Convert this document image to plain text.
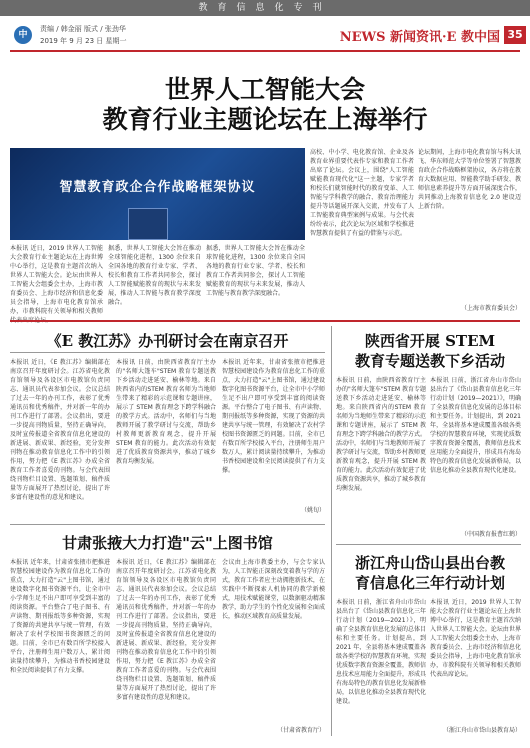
教育信息化专刊
中
责编 / 韩金丽 版式 / 张劲华
2019 年 9 月 23 日 星期一	NEWS 新闻资讯·E 教中国 35
世界人工智能大会
教育行业主题论坛在上海举行
智慧教育政企合作战略框架协议
本报讯 近日，2019 世界人工智能大会教育行业主题论坛在上海世博中心举行，这是教育主题首次纳入世界人工智能大会。论坛由世界人工智能大会组委会主办，上海市教育委员会、上海市经济和信息化委员会指导，上海市电化教育馆承办，市教科院有关领导和相关教师
据悉，世界人工智能大会旨在推动全球智能化进程，1300 余位来自全国各地的教育行业专家、学者、校长和教育工作者共同参会，探讨人工智能赋能教育的现状与未来发展，推动人工智能与教育教学深度融合。
据悉，世界人工智能大会旨在推动全球智能化进程，1300 余位来自全国各地的教育行业专家、学者、校长和教育工作者共同参会，探讨人工智能赋能教育的现状与未来发展，推动人工智能与教育教学深度融合。
高校、中小学、电化教育馆、企业及各教育业界重要代表作专家和教育工作者出席了论坛。会议上，围绕"人工智能赋能教育现代化"这一主题，专家学者和校长们就智能时代的教育变革、人工智能与学科教学的融合、教育治理能力提升等话题展开深入交流，并发布了人工智能教育典型案例与成果。与会代表纷纷表示，此次论坛为区域和学校推进智慧教育提供了有益的借鉴与示范。
论坛期间，上海市电化教育馆与科大讯飞、华东师范大学等单位签署了智慧教育政企合作战略框架协议，各方将在教育大数据应用、智能教学助手研发、教师信息素养提升等方面开展深度合作，共同推动上海教育信息化 2.0 建设迈上新台阶。
（上海市教育委员会）
《E 教江苏》办刊研讨会在南京召开
本报讯 近日，《E 教江苏》编辑部在南京召开年度研讨会。江苏省电化教育馆领导及各设区市电教馆负责同志、通讯员代表参加会议。会议总结了过去一年的办刊工作，表彰了优秀通讯员和优秀稿件，并对新一年的办刊工作进行了部署。会议指出，要进一步提高刊物质量，坚持正确导向，及时宣传报道全省教育信息化建设的新进展、新成果、新经验，充分发挥刊物在推动教育信息化工作中的引领作用，努力把《E 教江苏》办成全省教育工作者喜爱的刊物。与会代表围绕刊物栏目设置、选题策划、稿件质量等方面展开了热烈讨论，提出了许多富有建设性的意见和建议。
本报讯 日前，由陕西省教育厅主办的"名师大篷车"STEM 教育专题送教下乡活动走进延安、榆林等地。来自陕西省内的STEM 教育名师为当地师生带来了精彩的示范课和专题讲座，展示了 STEM 教育理念下跨学科融合的教学方式。活动中，名师们与当地教师开展了教学研讨与交流，帮助乡村教师更新教育观念，提升开展 STEM 教育的能力。此次活动有效促进了优质教育资源共享，推动了城乡教育均衡发展。
本报讯 近年来，甘肃省张掖市把推进智慧校园建设作为教育信息化工作的重点，大力打造"云"上图书馆，通过建设数字化图书资源平台，让全市中小学师生足不出户即可享受到丰富的阅读资源。平台整合了电子图书、有声读物、期刊报纸等多种资源，实现了资源的共建共享与统一管理，有效解决了农村学校图书资源匮乏的问题。目前，全市已有数百所学校接入平台，注册师生用户数万人，累计阅读量持续攀升，为推动书香校园建设和全民阅读提供了有力支撑。
（姚旬）
陕西省开展 STEM
教育专题送教下乡活动
本报讯 日前，由陕西省教育厅主办的"名师大篷车"STEM 教育专题送教下乡活动走进延安、榆林等地。来自陕西省内的STEM 教育名师为当地师生带来了精彩的示范课和专题讲座，展示了 STEM 教育理念下跨学科融合的教学方式。活动中，名师们与当地教师开展了教学研讨与交流，帮助乡村教师更新教育观念，提升开展 STEM 教育的能力。此次活动有效促进了优质教育资源共享，推动了城乡教育均衡发展。
本报讯 日前，浙江省舟山市岱山县出台了《岱山县教育信息化三年行动计划（2019—2021）》，明确了全县教育信息化发展的总体目标和主要任务。计划提出，到 2021 年，全县将基本建成覆盖各级各类学校的智慧教育环境，实现优质数字教育资源全覆盖，教师信息技术应用能力全面提升，形成具有海岛特色的教育信息化发展新格局，以信息化推动全县教育现代化建设。
（中国教育报曹红鹤）
甘肃张掖大力打造"云"上图书馆
本报讯 近年来，甘肃省张掖市把推进智慧校园建设作为教育信息化工作的重点，大力打造"云"上图书馆，通过建设数字化图书资源平台，让全市中小学师生足不出户即可享受到丰富的阅读资源。平台整合了电子图书、有声读物、期刊报纸等多种资源，实现了资源的共建共享与统一管理，有效解决了农村学校图书资源匮乏的问题。目前，全市已有数百所学校接入平台，注册师生用户数万人，累计阅读量持续攀升，为推动书香校园建设和全民阅读提供了有力支撑。
本报讯 近日，《E 教江苏》编辑部在南京召开年度研讨会。江苏省电化教育馆领导及各设区市电教馆负责同志、通讯员代表参加会议。会议总结了过去一年的办刊工作，表彰了优秀通讯员和优秀稿件，并对新一年的办刊工作进行了部署。会议指出，要进一步提高刊物质量，坚持正确导向，及时宣传报道全省教育信息化建设的新进展、新成果、新经验，充分发挥刊物在推动教育信息化工作中的引领作用，努力把《E 教江苏》办成全省教育工作者喜爱的刊物。与会代表围绕刊物栏目设置、选题策划、稿件质量等方面展开了热烈讨论，提出了许多富有建设性的意见和建议。
会议由上海市教委主办，与会专家认为，人工智能正深刻改变着教与学的方式，教育工作者应主动拥抱新技术，在实践中不断探索人机协同的教学新模式，用技术赋能课堂，以数据驱动精准教学，助力学生的个性化发展和全面成长，推动区域教育高质量发展。
（甘肃省教育厅）
浙江舟山岱山县出台教
育信息化三年行动计划
本报讯 日前，浙江省舟山市岱山县出台了《岱山县教育信息化三年行动计划（2019—2021）》，明确了全县教育信息化发展的总体目标和主要任务。计划提出，到 2021 年，全县将基本建成覆盖各级各类学校的智慧教育环境，实现优质数字教育资源全覆盖，教师信息技术应用能力全面提升，形成具有海岛特色的教育信息化发展新格局，以信息化推动全县教育现代化建设。
本报讯 近日，2019 世界人工智能大会教育行业主题论坛在上海世博中心举行，这是教育主题首次纳入世界人工智能大会。论坛由世界人工智能大会组委会主办，上海市教育委员会、上海市经济和信息化委员会指导，上海市电化教育馆承办，市教科院有关领导和相关教师代表出席论坛。
（浙江舟山市岱山县教育局）
